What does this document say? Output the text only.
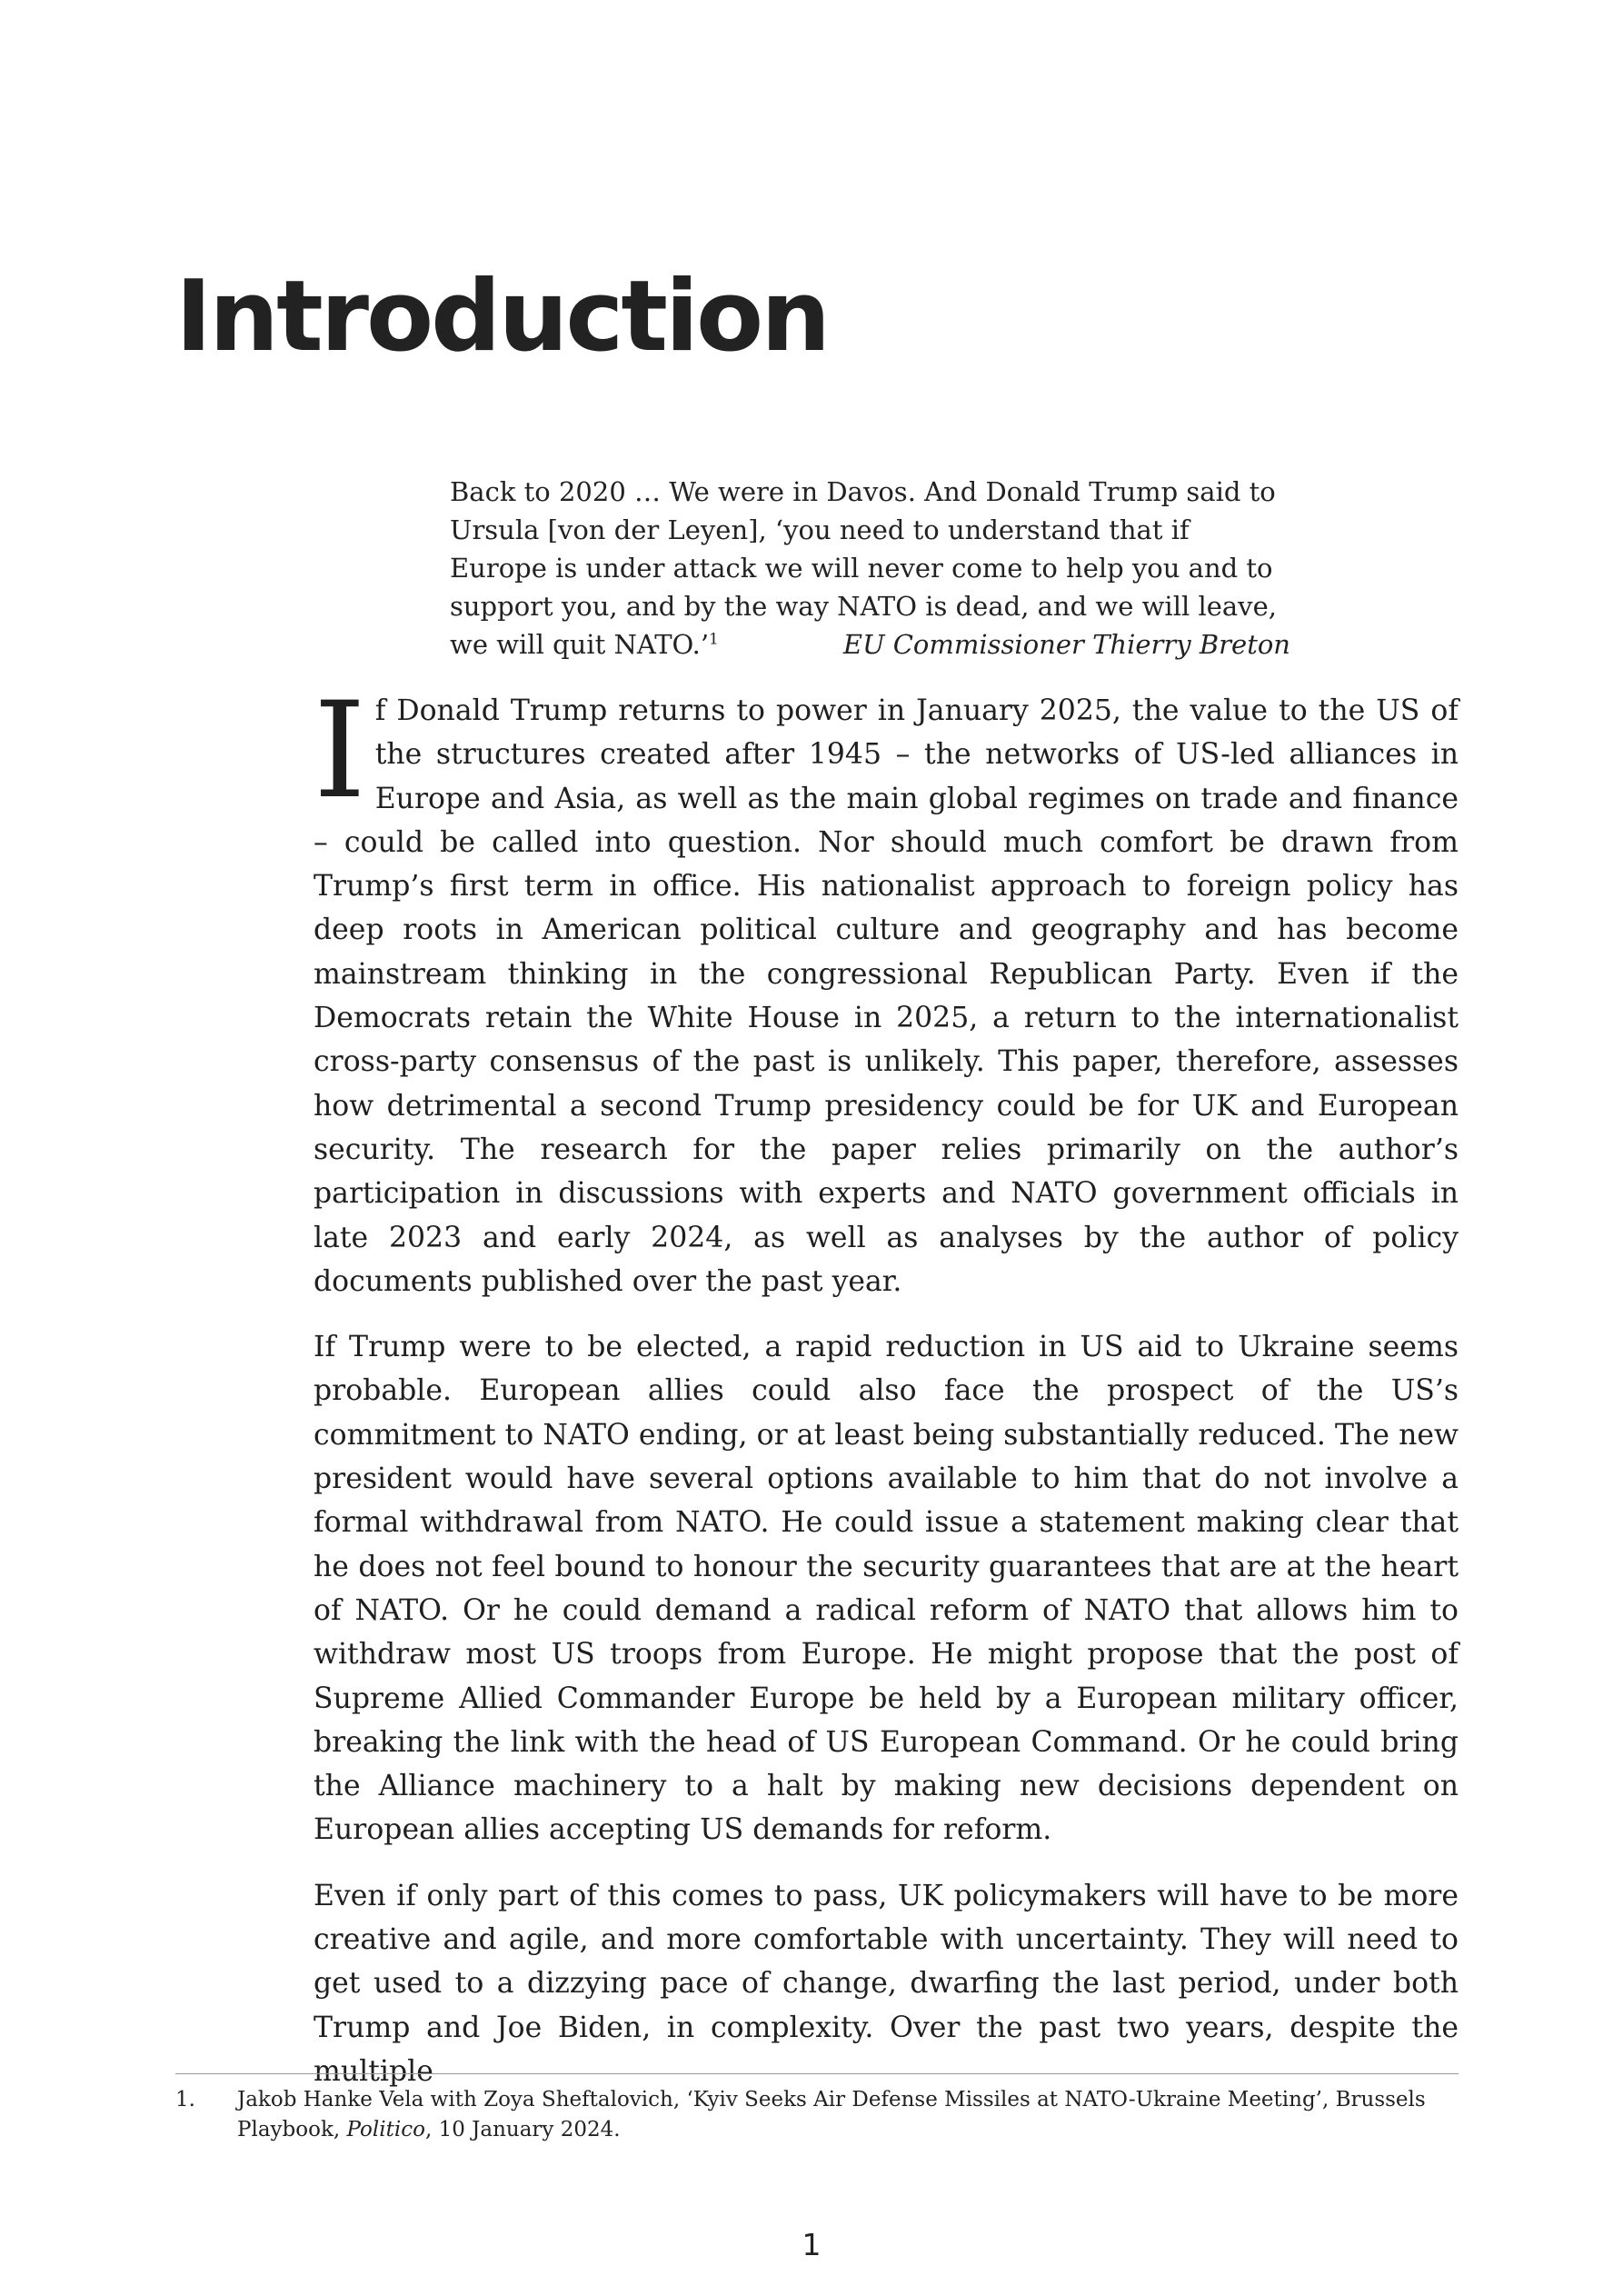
Introduction

Back to 2020 … We were in Davos. And Donald Trump said to Ursula [von der Leyen], ‘you need to understand that if Europe is under attack we will never come to help you and to support you, and by the way NATO is dead, and we will leave, we will quit NATO.’$^1$	EU Commissioner Thierry Breton

If Donald Trump returns to power in January 2025, the value to the US of the structures created after 1945 – the networks of US-led alliances in Europe and Asia, as well as the main global regimes on trade and finance – could be called into question. Nor should much comfort be drawn from Trump’s first term in office. His nationalist approach to foreign policy has deep roots in American political culture and geography and has become mainstream thinking in the congressional Republican Party. Even if the Democrats retain the White House in 2025, a return to the internationalist cross-party consensus of the past is unlikely. This paper, therefore, assesses how detrimental a second Trump presidency could be for UK and European security. The research for the paper relies primarily on the author’s participation in discussions with experts and NATO government officials in late 2023 and early 2024, as well as analyses by the author of policy documents published over the past year.

If Trump were to be elected, a rapid reduction in US aid to Ukraine seems probable. European allies could also face the prospect of the US’s commitment to NATO ending, or at least being substantially reduced. The new president would have several options available to him that do not involve a formal withdrawal from NATO. He could issue a statement making clear that he does not feel bound to honour the security guarantees that are at the heart of NATO. Or he could demand a radical reform of NATO that allows him to withdraw most US troops from Europe. He might propose that the post of Supreme Allied Commander Europe be held by a European military officer, breaking the link with the head of US European Command. Or he could bring the Alliance machinery to a halt by making new decisions dependent on European allies accepting US demands for reform.

Even if only part of this comes to pass, UK policymakers will have to be more creative and agile, and more comfortable with uncertainty. They will need to get used to a dizzying pace of change, dwarfing the last period, under both Trump and Joe Biden, in complexity. Over the past two years, despite the multiple

1. Jakob Hanke Vela with Zoya Sheftalovich, ‘Kyiv Seeks Air Defense Missiles at NATO-Ukraine Meeting’, Brussels Playbook, Politico, 10 January 2024.
1
